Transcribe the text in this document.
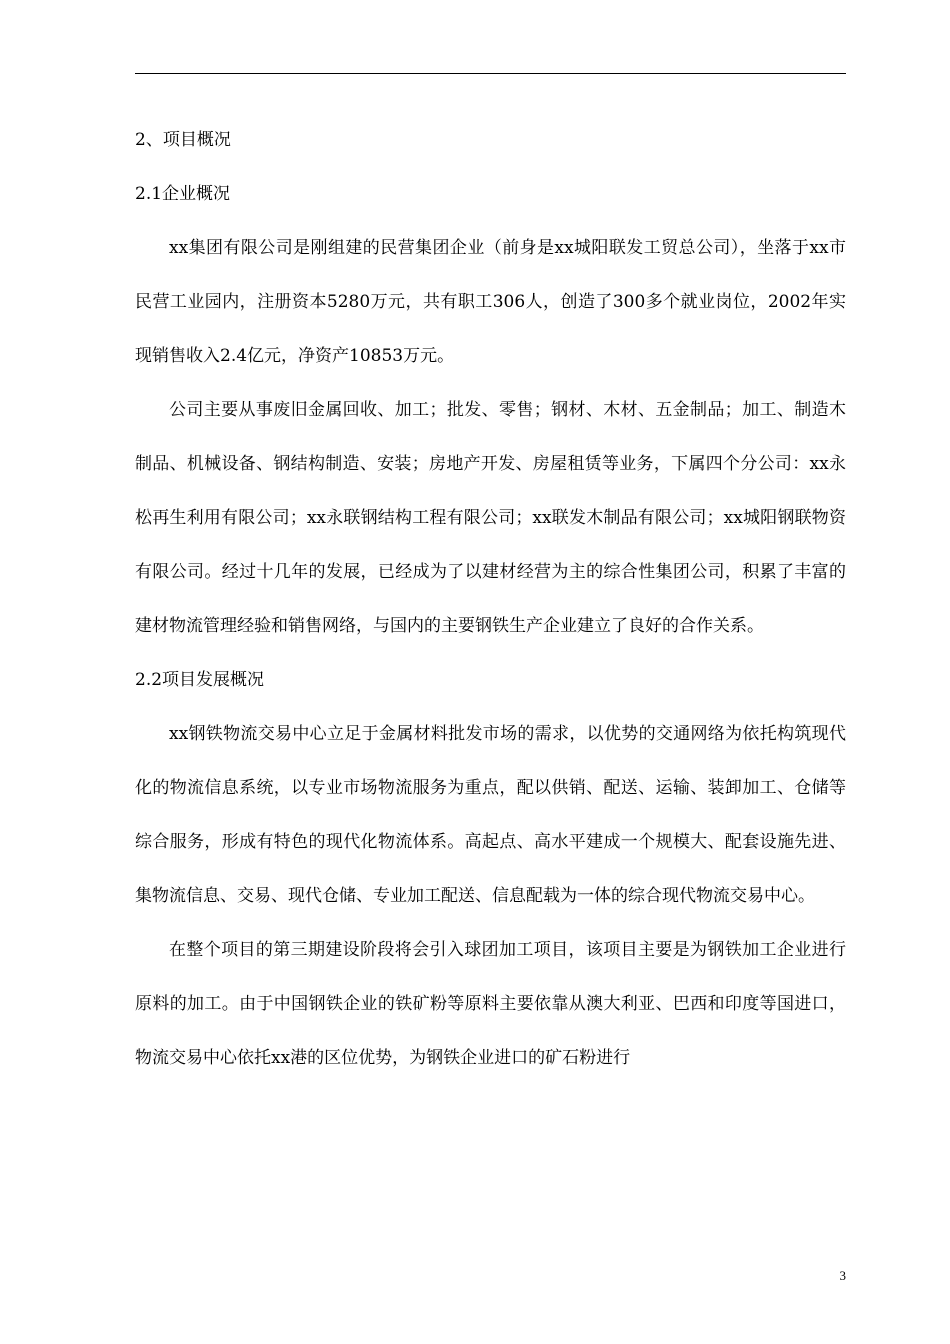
2、项目概况

2.1企业概况

xx集团有限公司是刚组建的民营集团企业（前身是xx城阳联发工贸总公司），坐落于xx市民营工业园内，注册资本5280万元，共有职工306人，创造了300多个就业岗位，2002年实现销售收入2.4亿元，净资产10853万元。

公司主要从事废旧金属回收、加工；批发、零售；钢材、木材、五金制品；加工、制造木制品、机械设备、钢结构制造、安装；房地产开发、房屋租赁等业务，下属四个分公司：xx永松再生利用有限公司；xx永联钢结构工程有限公司；xx联发木制品有限公司；xx城阳钢联物资有限公司。经过十几年的发展，已经成为了以建材经营为主的综合性集团公司，积累了丰富的建材物流管理经验和销售网络，与国内的主要钢铁生产企业建立了良好的合作关系。

2.2项目发展概况

xx钢铁物流交易中心立足于金属材料批发市场的需求，以优势的交通网络为依托构筑现代化的物流信息系统，以专业市场物流服务为重点，配以供销、配送、运输、装卸加工、仓储等综合服务，形成有特色的现代化物流体系。高起点、高水平建成一个规模大、配套设施先进、集物流信息、交易、现代仓储、专业加工配送、信息配载为一体的综合现代物流交易中心。

在整个项目的第三期建设阶段将会引入球团加工项目，该项目主要是为钢铁加工企业进行原料的加工。由于中国钢铁企业的铁矿粉等原料主要依靠从澳大利亚、巴西和印度等国进口，物流交易中心依托xx港的区位优势，为钢铁企业进口的矿石粉进行

3
